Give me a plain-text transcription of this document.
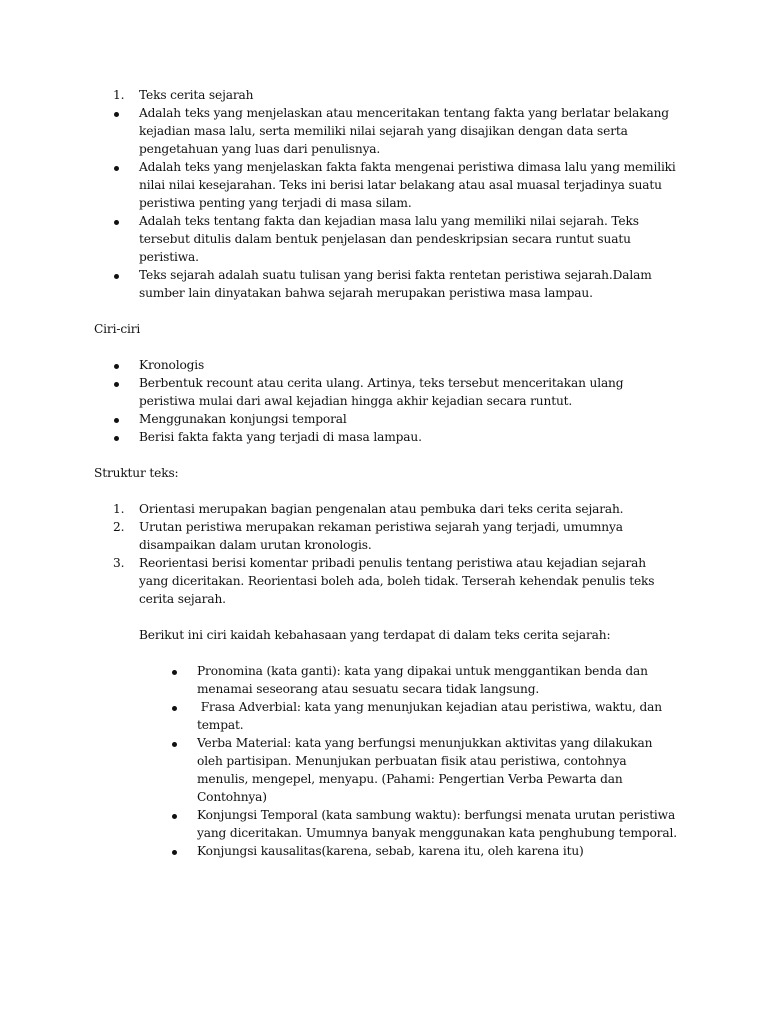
1. Teks cerita sejarah
Adalah teks yang menjelaskan atau menceritakan tentang fakta yang berlatar belakang kejadian masa lalu, serta memiliki nilai sejarah yang disajikan dengan data serta pengetahuan yang luas dari penulisnya.
Adalah teks yang menjelaskan fakta fakta mengenai peristiwa dimasa lalu yang memiliki nilai nilai kesejarahan. Teks ini berisi latar belakang atau asal muasal terjadinya suatu peristiwa penting yang terjadi di masa silam.
Adalah teks tentang fakta dan kejadian masa lalu yang memiliki nilai sejarah. Teks tersebut ditulis dalam bentuk penjelasan dan pendeskripsian secara runtut suatu peristiwa.
Teks sejarah adalah suatu tulisan yang berisi fakta rentetan peristiwa sejarah.Dalam sumber lain dinyatakan bahwa sejarah merupakan peristiwa masa lampau.
Ciri-ciri
Kronologis
Berbentuk recount atau cerita ulang. Artinya, teks tersebut menceritakan ulang peristiwa mulai dari awal kejadian hingga akhir kejadian secara runtut.
Menggunakan konjungsi temporal
Berisi fakta fakta yang terjadi di masa lampau.
Struktur teks:
1. Orientasi merupakan bagian pengenalan atau pembuka dari teks cerita sejarah.
2. Urutan peristiwa merupakan rekaman peristiwa sejarah yang terjadi, umumnya disampaikan dalam urutan kronologis.
3. Reorientasi berisi komentar pribadi penulis tentang peristiwa atau kejadian sejarah yang diceritakan. Reorientasi boleh ada, boleh tidak. Terserah kehendak penulis teks cerita sejarah.
Berikut ini ciri kaidah kebahasaan yang terdapat di dalam teks cerita sejarah:
Pronomina (kata ganti): kata yang dipakai untuk menggantikan benda dan menamai seseorang atau sesuatu secara tidak langsung.
Frasa Adverbial: kata yang menunjukan kejadian atau peristiwa, waktu, dan tempat.
Verba Material: kata yang berfungsi menunjukkan aktivitas yang dilakukan oleh partisipan. Menunjukan perbuatan fisik atau peristiwa, contohnya menulis, mengepel, menyapu. (Pahami: Pengertian Verba Pewarta dan Contohnya)
Konjungsi Temporal (kata sambung waktu): berfungsi menata urutan peristiwa yang diceritakan. Umumnya banyak menggunakan kata penghubung temporal.
Konjungsi kausalitas(karena, sebab, karena itu, oleh karena itu)
